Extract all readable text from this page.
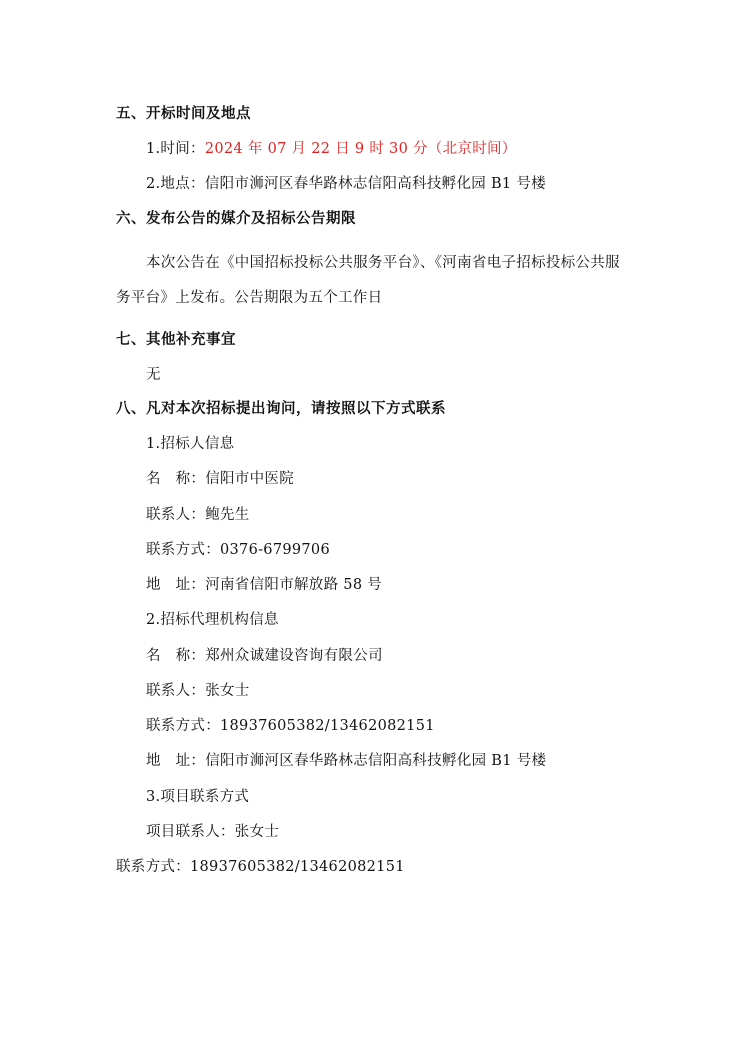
五、开标时间及地点
1.时间：2024 年 07 月 22 日 9 时 30 分（北京时间）
2.地点：信阳市浉河区春华路林志信阳高科技孵化园 B1 号楼
六、发布公告的媒介及招标公告期限
本次公告在《中国招标投标公共服务平台》、《河南省电子招标投标公共服
务平台》上发布。公告期限为五个工作日
七、其他补充事宜
无
八、凡对本次招标提出询问，请按照以下方式联系
1.招标人信息
名　称：信阳市中医院
联系人：鲍先生
联系方式：0376-6799706
地　址：河南省信阳市解放路 58 号
2.招标代理机构信息
名　称：郑州众诚建设咨询有限公司
联系人：张女士
联系方式：18937605382/13462082151
地　址：信阳市浉河区春华路林志信阳高科技孵化园 B1 号楼
3.项目联系方式
项目联系人：张女士
联系方式：18937605382/13462082151
